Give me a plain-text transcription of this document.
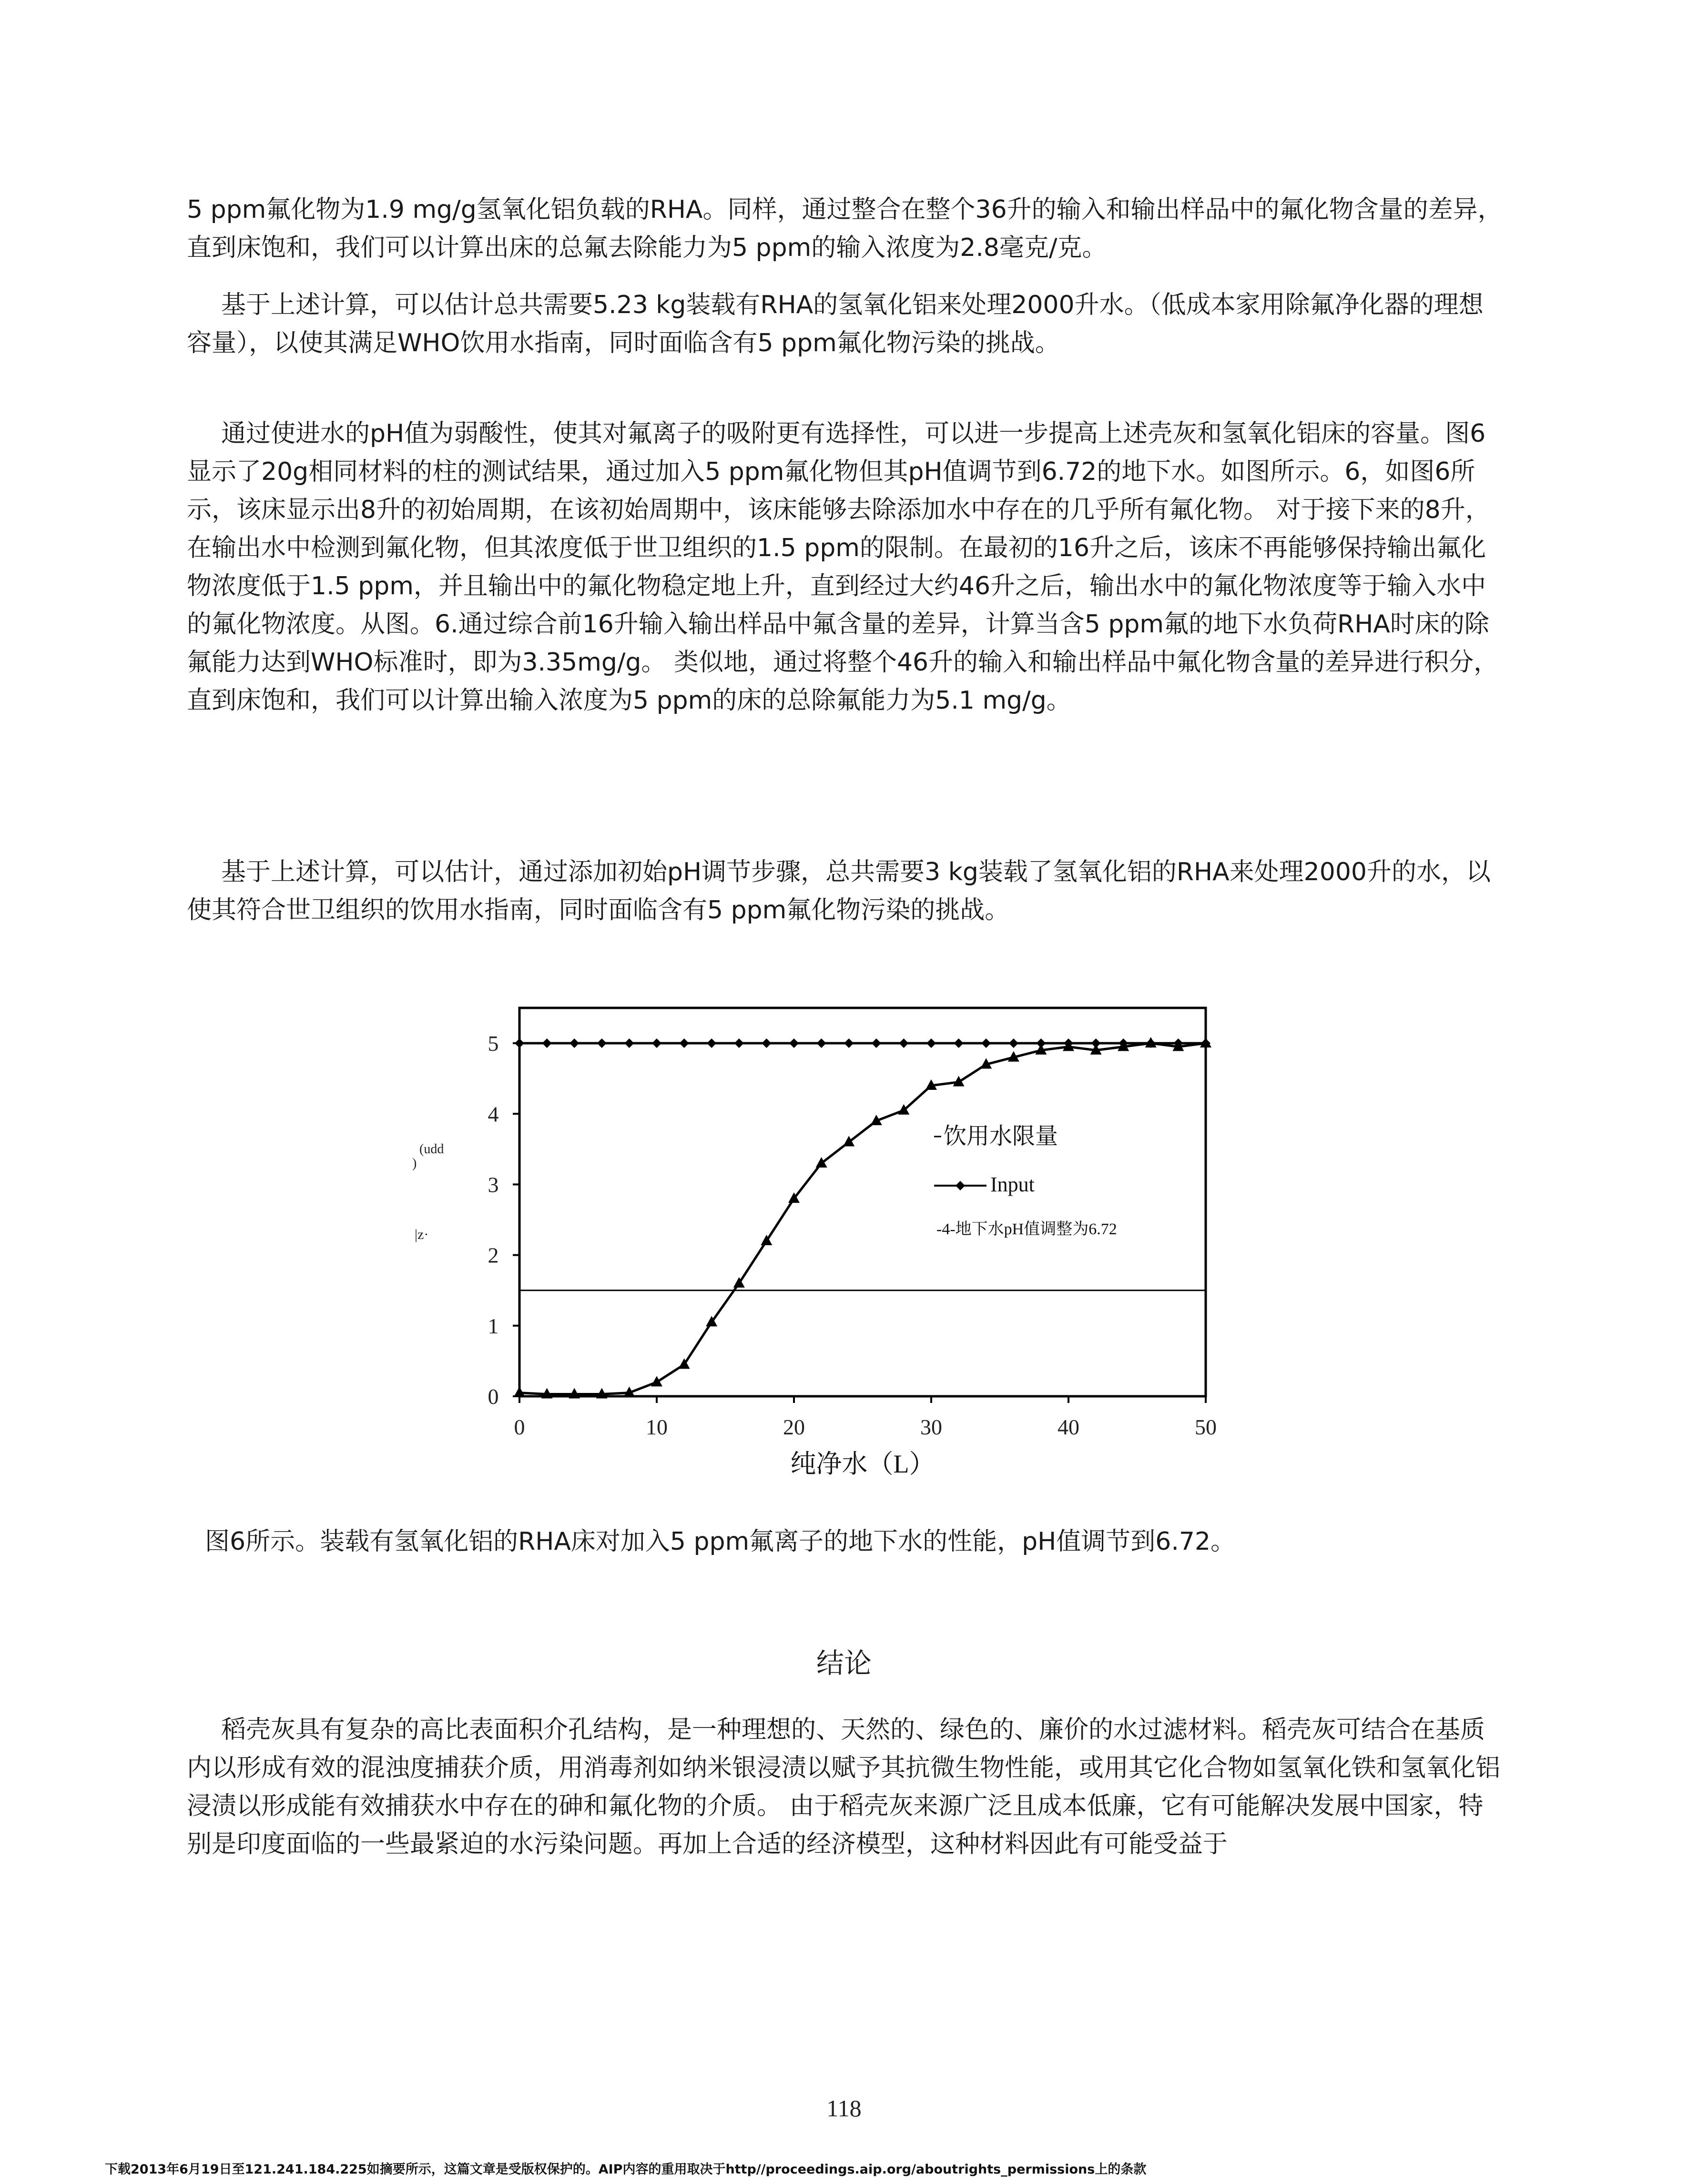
5 ppm氟化物为1.9 mg/g氢氧化铝负载的RHA。同样，通过整合在整个36升的输入和输出样品中的氟化物含量的差异，直到床饱和，我们可以计算出床的总氟去除能力为5 ppm的输入浓度为2.8毫克/克。

基于上述计算，可以估计总共需要5.23 kg装载有RHA的氢氧化铝来处理2000升水。（低成本家用除氟净化器的理想容量），以使其满足WHO饮用水指南，同时面临含有5 ppm氟化物污染的挑战。

通过使进水的pH值为弱酸性，使其对氟离子的吸附更有选择性，可以进一步提高上述壳灰和氢氧化铝床的容量。图6显示了20g相同材料的柱的测试结果，通过加入5 ppm氟化物但其pH值调节到6.72的地下水。如图所示。6，如图6所示，该床显示出8升的初始周期，在该初始周期中，该床能够去除添加水中存在的几乎所有氟化物。 对于接下来的8升，在输出水中检测到氟化物，但其浓度低于世卫组织的1.5 ppm的限制。在最初的16升之后，该床不再能够保持输出氟化物浓度低于1.5 ppm，并且输出中的氟化物稳定地上升，直到经过大约46升之后，输出水中的氟化物浓度等于输入水中的氟化物浓度。从图。6.通过综合前16升输入输出样品中氟含量的差异，计算当含5 ppm氟的地下水负荷RHA时床的除氟能力达到WHO标准时，即为3.35mg/g。 类似地，通过将整个46升的输入和输出样品中氟化物含量的差异进行积分，直到床饱和，我们可以计算出输入浓度为5 ppm的床的总除氟能力为5.1 mg/g。

基于上述计算，可以估计，通过添加初始pH调节步骤，总共需要3 kg装载了氢氧化铝的RHA来处理2000升的水，以使其符合世卫组织的饮用水指南，同时面临含有5 ppm氟化物污染的挑战。

0
1
2
3
4
5
0	10	20	30	40	50
纯净水（L）
(udd
)
|ᴢ·
饮用水限量
Input
-4-地下水pH值调整为6.72
图6所示。装载有氢氧化铝的RHA床对加入5 ppm氟离子的地下水的性能，pH值调节到6.72。
结论

稻壳灰具有复杂的高比表面积介孔结构，是一种理想的、天然的、绿色的、廉价的水过滤材料。稻壳灰可结合在基质内以形成有效的混浊度捕获介质，用消毒剂如纳米银浸渍以赋予其抗微生物性能，或用其它化合物如氢氧化铁和氢氧化铝浸渍以形成能有效捕获水中存在的砷和氟化物的介质。 由于稻壳灰来源广泛且成本低廉，它有可能解决发展中国家，特别是印度面临的一些最紧迫的水污染问题。再加上合适的经济模型，这种材料因此有可能受益于

118
下载2013年6月19日至121.241.184.225如摘要所示，这篇文章是受版权保护的。AIP内容的重用取决于http//proceedings.aip.org/aboutrights_permissions上的条款
